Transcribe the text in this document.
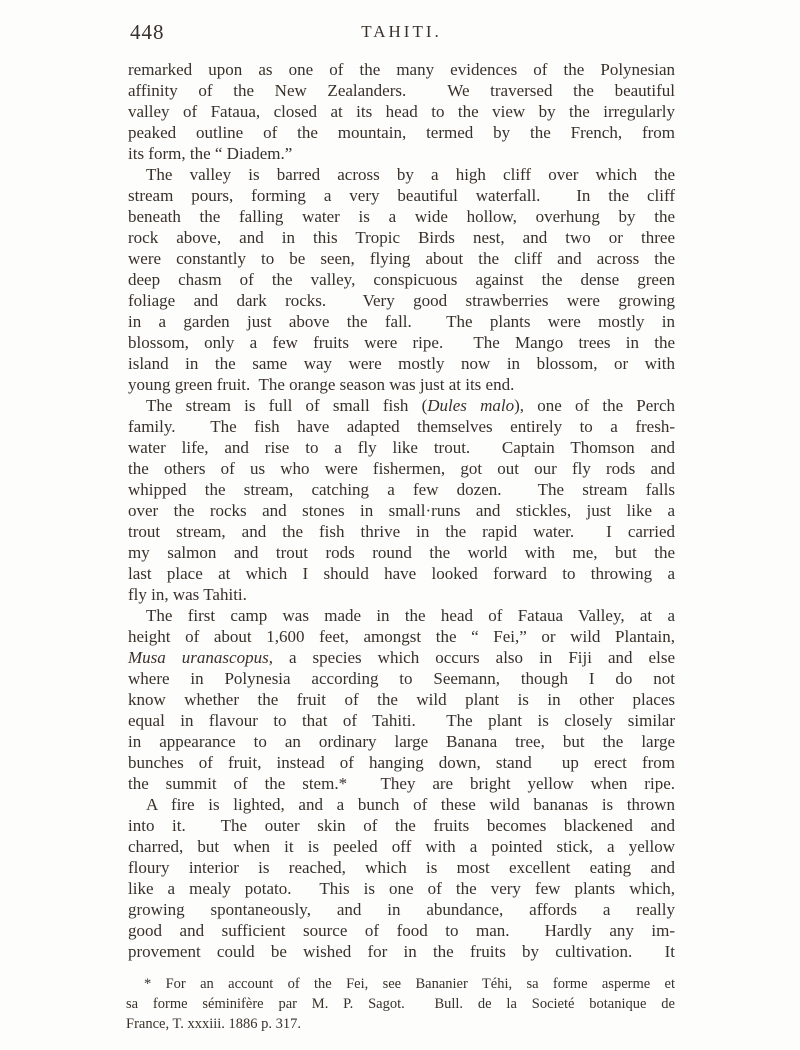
448	TAHITI.
remarked upon as one of the many evidences of the Polynesian
affinity of the New Zealanders.  We traversed the beautiful
valley of Fataua, closed at its head to the view by the irregularly
peaked outline of the mountain, termed by the French, from
its form, the “ Diadem.”
The valley is barred across by a high cliff over which the
stream pours, forming a very beautiful waterfall.  In the cliff
beneath the falling water is a wide hollow, overhung by the
rock above, and in this Tropic Birds nest, and two or three
were constantly to be seen, flying about the cliff and across the
deep chasm of the valley, conspicuous against the dense green
foliage and dark rocks.  Very good strawberries were growing
in a garden just above the fall.  The plants were mostly in
blossom, only a few fruits were ripe.  The Mango trees in the
island in the same way were mostly now in blossom, or with
young green fruit.  The orange season was just at its end.
The stream is full of small fish (Dules malo), one of the Perch
family.  The fish have adapted themselves entirely to a fresh-
water life, and rise to a fly like trout.  Captain Thomson and
the others of us who were fishermen, got out our fly rods and
whipped the stream, catching a few dozen.  The stream falls
over the rocks and stones in small·runs and stickles, just like a
trout stream, and the fish thrive in the rapid water.  I carried
my salmon and trout rods round the world with me, but the
last place at which I should have looked forward to throwing a
fly in, was Tahiti.
The first camp was made in the head of Fataua Valley, at a
height of about 1,600 feet, amongst the “ Fei,” or wild Plantain,
Musa uranascopus, a species which occurs also in Fiji and else
where in Polynesia according to Seemann, though I do not
know whether the fruit of the wild plant is in other places
equal in flavour to that of Tahiti.  The plant is closely similar
in appearance to an ordinary large Banana tree, but the large
bunches of fruit, instead of hanging down, stand  up erect from
the summit of the stem.*  They are bright yellow when ripe.
A fire is lighted, and a bunch of these wild bananas is thrown
into it.  The outer skin of the fruits becomes blackened and
charred, but when it is peeled off with a pointed stick, a yellow
floury interior is reached, which is most excellent eating and
like a mealy potato.  This is one of the very few plants which,
growing spontaneously, and in abundance, affords a really
good and sufficient source of food to man.  Hardly any im-
provement could be wished for in the fruits by cultivation.  It
* For an account of the Fei, see Bananier Téhi, sa forme asperme et
sa forme séminifère par M. P. Sagot.  Bull. de la Societé botanique de
France, T. xxxiii. 1886 p. 317.
